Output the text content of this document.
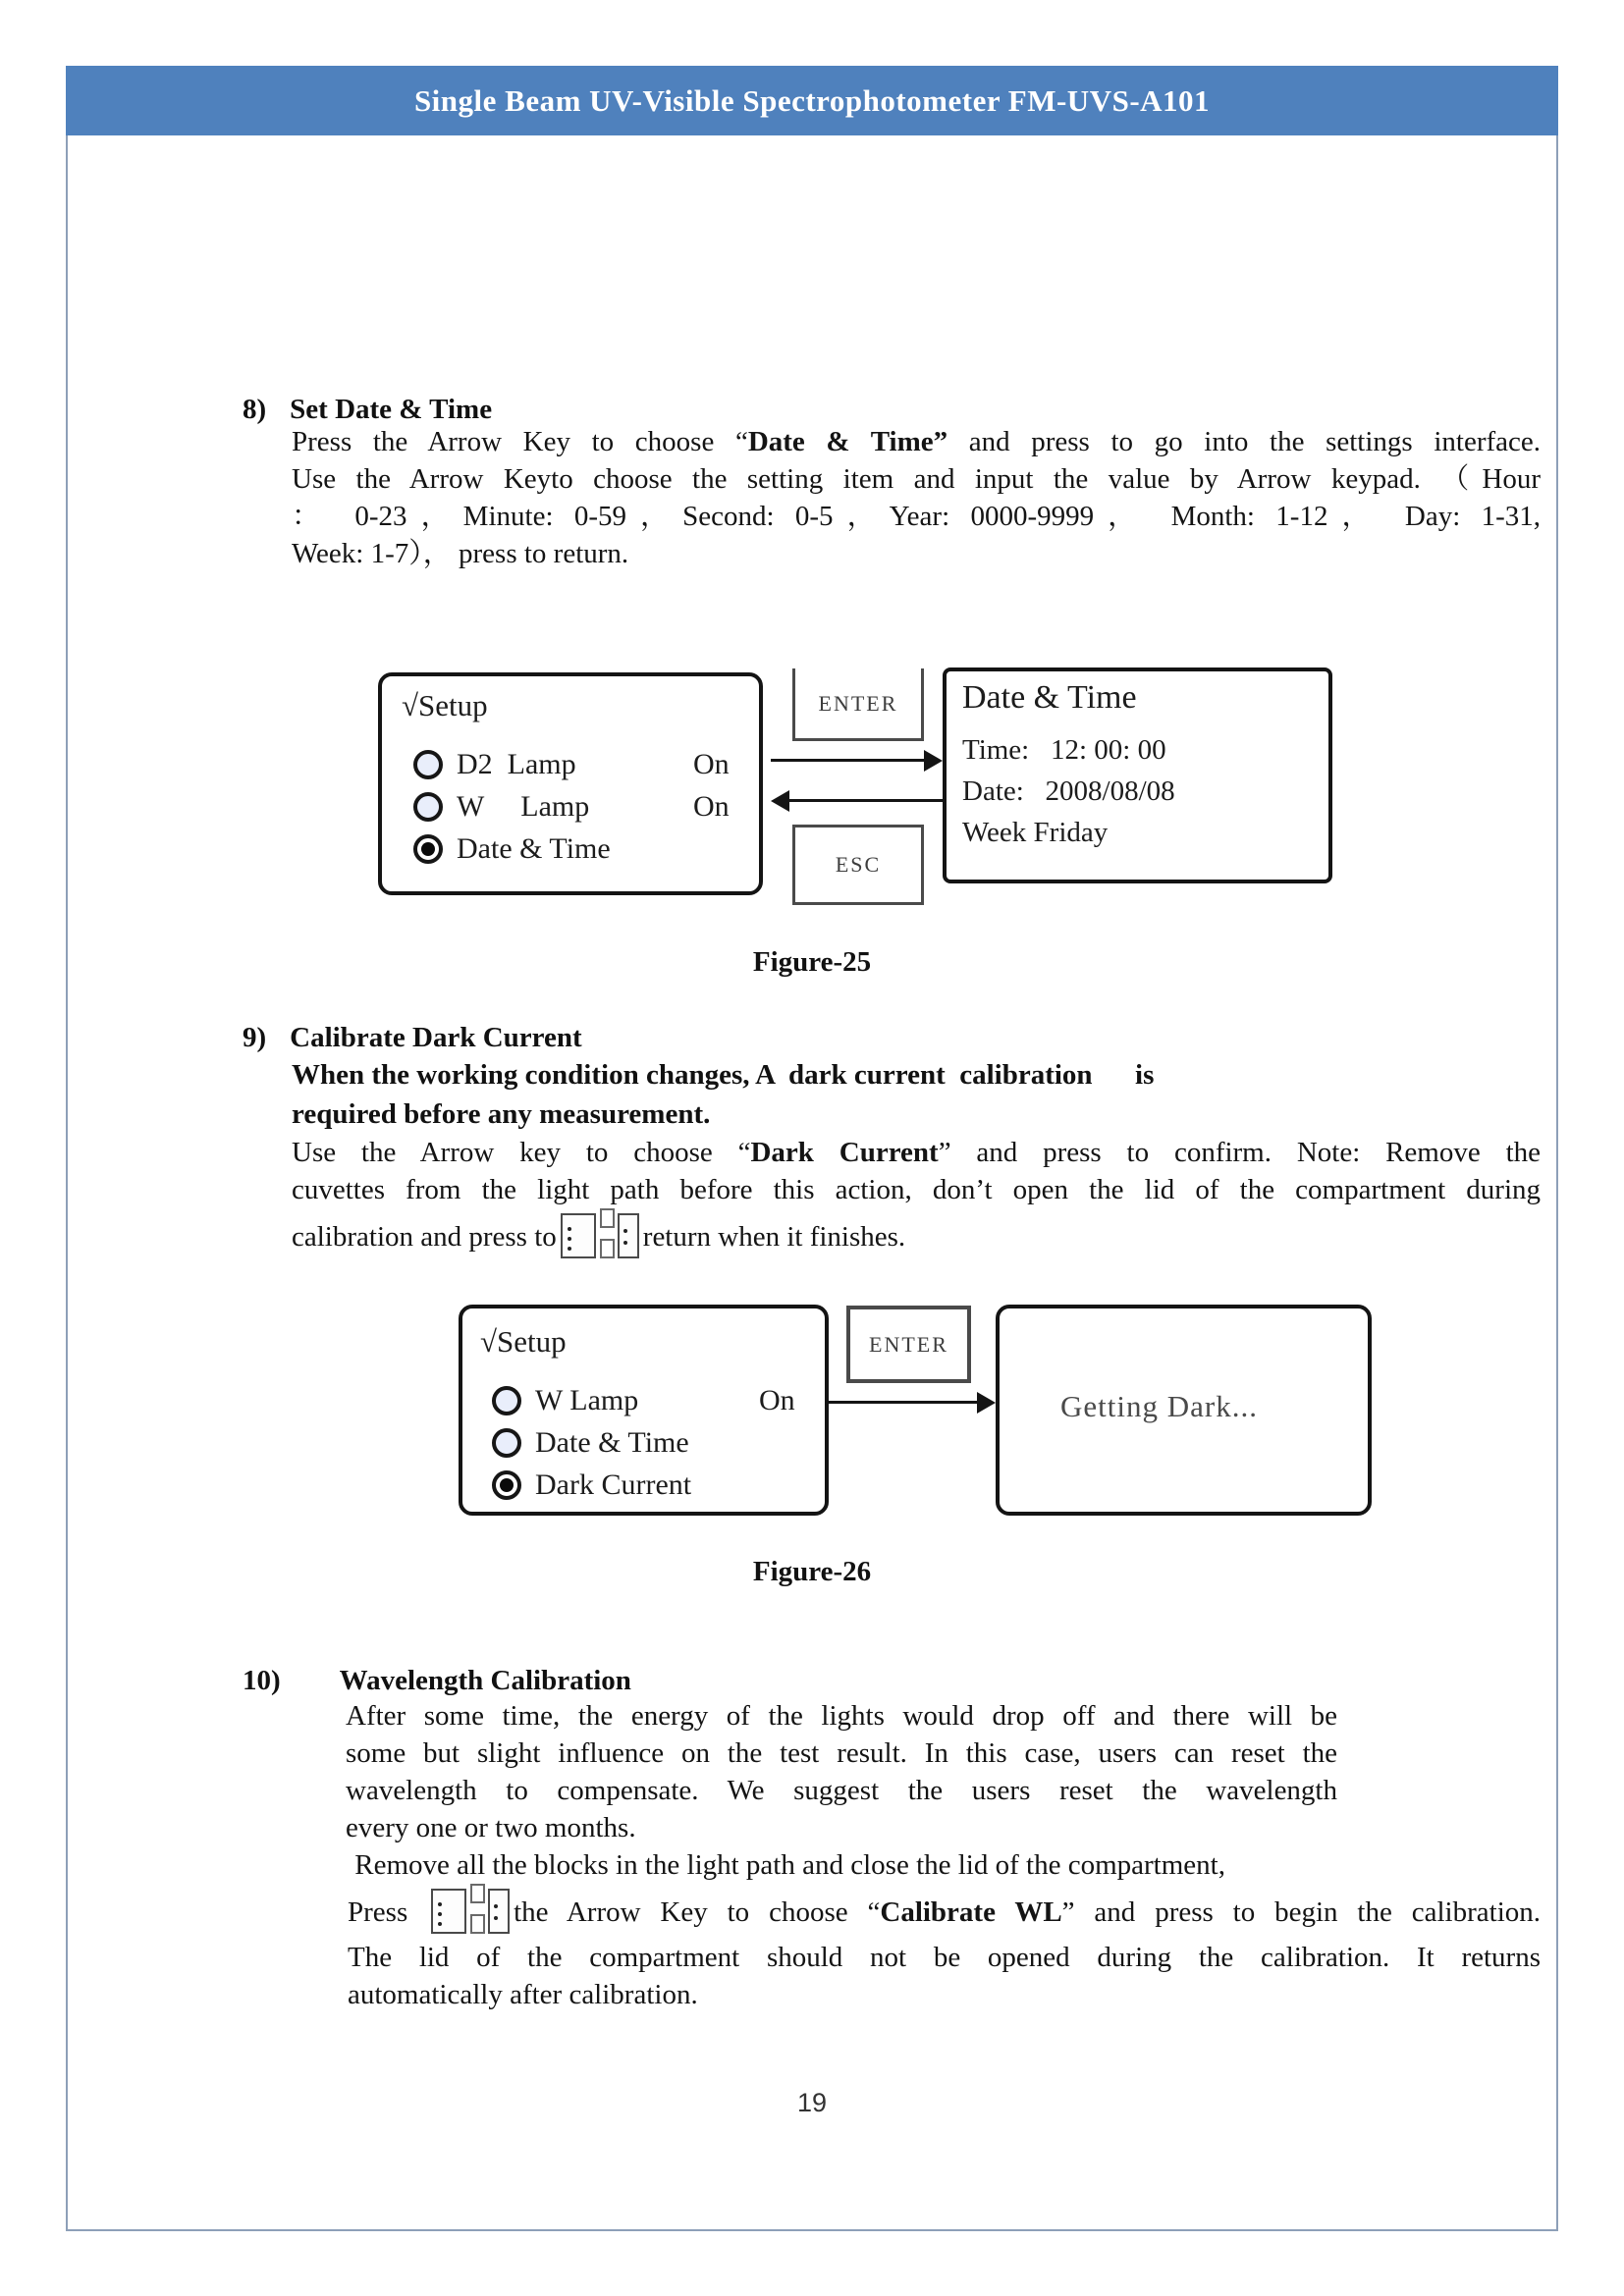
Single Beam UV-Visible Spectrophotometer FM-UVS-A101
8) Set Date & Time
Press the Arrow Key to choose “Date & Time” and press to go into the settings interface.
Use the Arrow Keyto choose the setting item and input the value by Arrow keypad. （Hour
： 0-23，Minute: 0-59，Second: 0-5，Year: 0000-9999， Month: 1-12， Day: 1-31,
Week: 1-7）， press to return.
√Setup
D2  Lamp	On
W     Lamp	On
Date & Time
ENTER
ESC
Date & Time
Time:   12: 00: 00
Date:   2008/08/08
Week Friday
Figure-25
9) Calibrate Dark Current
When the working condition changes, A  dark current  calibration      is
required before any measurement.
Use the Arrow key to choose “Dark Current” and press to confirm. Note: Remove the
cuvettes from the light path before this action, don’t open the lid of the compartment during
calibration and press to	return when it finishes.
√Setup
W Lamp	On
Date & Time
Dark Current
ENTER
Getting Dark...
Figure-26
10) Wavelength Calibration
After some time, the energy of the lights would drop off and there will be
some but slight influence on the test result. In this case, users can reset the
wavelength to compensate. We suggest the users reset the wavelength
every one or two months.
Remove all the blocks in the light path and close the lid of the compartment,
Press	the Arrow Key to choose “Calibrate WL” and press to begin the calibration.
The lid of the compartment should not be opened during the calibration. It returns
automatically after calibration.
19
